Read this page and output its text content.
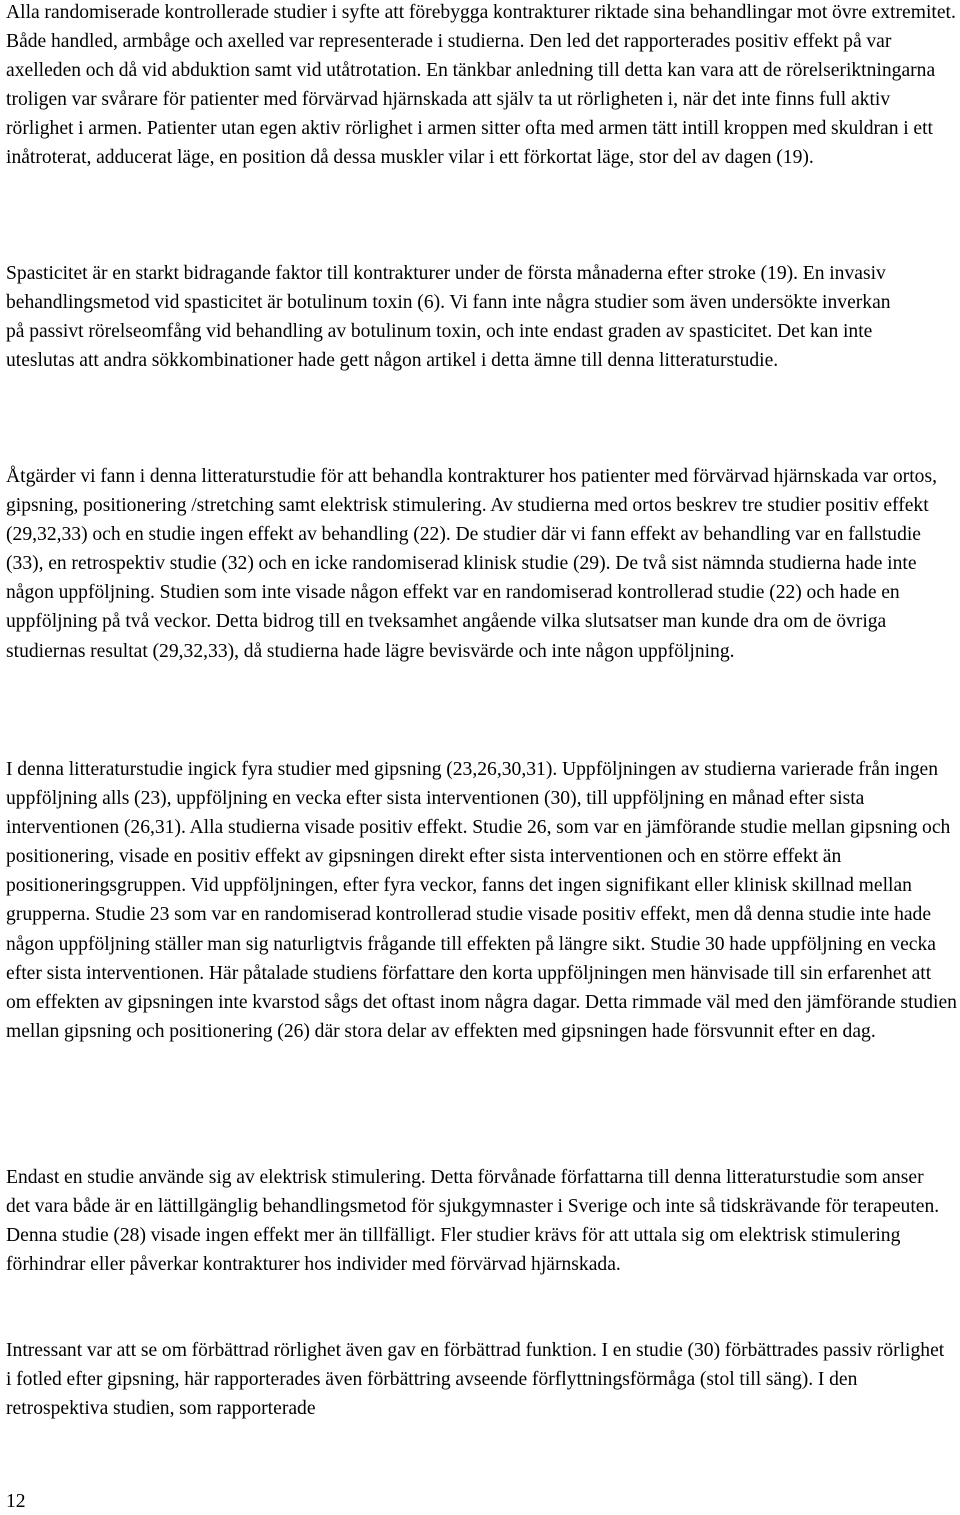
Alla randomiserade kontrollerade studier i syfte att förebygga kontrakturer riktade sina behandlingar mot övre extremitet. Både handled, armbåge och axelled var representerade i studierna. Den led det rapporterades positiv effekt på var axelleden och då vid abduktion samt vid utåtrotation. En tänkbar anledning till detta kan vara att de rörelseriktningarna troligen var svårare för patienter med förvärvad hjärnskada att själv ta ut rörligheten i, när det inte finns full aktiv rörlighet i armen. Patienter utan egen aktiv rörlighet i armen sitter ofta med armen tätt intill kroppen med skuldran i ett inåtroterat, adducerat läge, en position då dessa muskler vilar i ett förkortat läge, stor del av dagen (19).

Spasticitet är en starkt bidragande faktor till kontrakturer under de första månaderna efter stroke (19). En invasiv behandlingsmetod vid spasticitet är botulinum toxin (6). Vi fann inte några studier som även undersökte inverkan på passivt rörelseomfång vid behandling av botulinum toxin, och inte endast graden av spasticitet. Det kan inte uteslutas att andra sökkombinationer hade gett någon artikel i detta ämne till denna litteraturstudie.

Åtgärder vi fann i denna litteraturstudie för att behandla kontrakturer hos patienter med förvärvad hjärnskada var ortos, gipsning, positionering /stretching samt elektrisk stimulering. Av studierna med ortos beskrev tre studier positiv effekt (29,32,33) och en studie ingen effekt av behandling (22). De studier där vi fann effekt av behandling var en fallstudie (33), en retrospektiv studie (32) och en icke randomiserad klinisk studie (29). De två sist nämnda studierna hade inte någon uppföljning. Studien som inte visade någon effekt var en randomiserad kontrollerad studie (22) och hade en uppföljning på två veckor. Detta bidrog till en tveksamhet angående vilka slutsatser man kunde dra om de övriga studiernas resultat (29,32,33), då studierna hade lägre bevisvärde och inte någon uppföljning.

I denna litteraturstudie ingick fyra studier med gipsning (23,26,30,31). Uppföljningen av studierna varierade från ingen uppföljning alls (23), uppföljning en vecka efter sista interventionen (30), till uppföljning en månad efter sista interventionen (26,31). Alla studierna visade positiv effekt. Studie 26, som var en jämförande studie mellan gipsning och positionering, visade en positiv effekt av gipsningen direkt efter sista interventionen och en större effekt än positioneringsgruppen. Vid uppföljningen, efter fyra veckor, fanns det ingen signifikant eller klinisk skillnad mellan grupperna. Studie 23 som var en randomiserad kontrollerad studie visade positiv effekt, men då denna studie inte hade någon uppföljning ställer man sig naturligtvis frågande till effekten på längre sikt. Studie 30 hade uppföljning en vecka efter sista interventionen. Här påtalade studiens författare den korta uppföljningen men hänvisade till sin erfarenhet att om effekten av gipsningen inte kvarstod sågs det oftast inom några dagar. Detta rimmade väl med den jämförande studien mellan gipsning och positionering (26) där stora delar av effekten med gipsningen hade försvunnit efter en dag.

Endast en studie använde sig av elektrisk stimulering. Detta förvånade författarna till denna litteraturstudie som anser det vara både är en lättillgänglig behandlingsmetod för sjukgymnaster i Sverige och inte så tidskrävande för terapeuten. Denna studie (28) visade ingen effekt mer än tillfälligt. Fler studier krävs för att uttala sig om elektrisk stimulering förhindrar eller påverkar kontrakturer hos individer med förvärvad hjärnskada.

Intressant var att se om förbättrad rörlighet även gav en förbättrad funktion. I en studie (30) förbättrades passiv rörlighet i fotled efter gipsning, här rapporterades även förbättring avseende förflyttningsförmåga (stol till säng). I den retrospektiva studien, som rapporterade

12
